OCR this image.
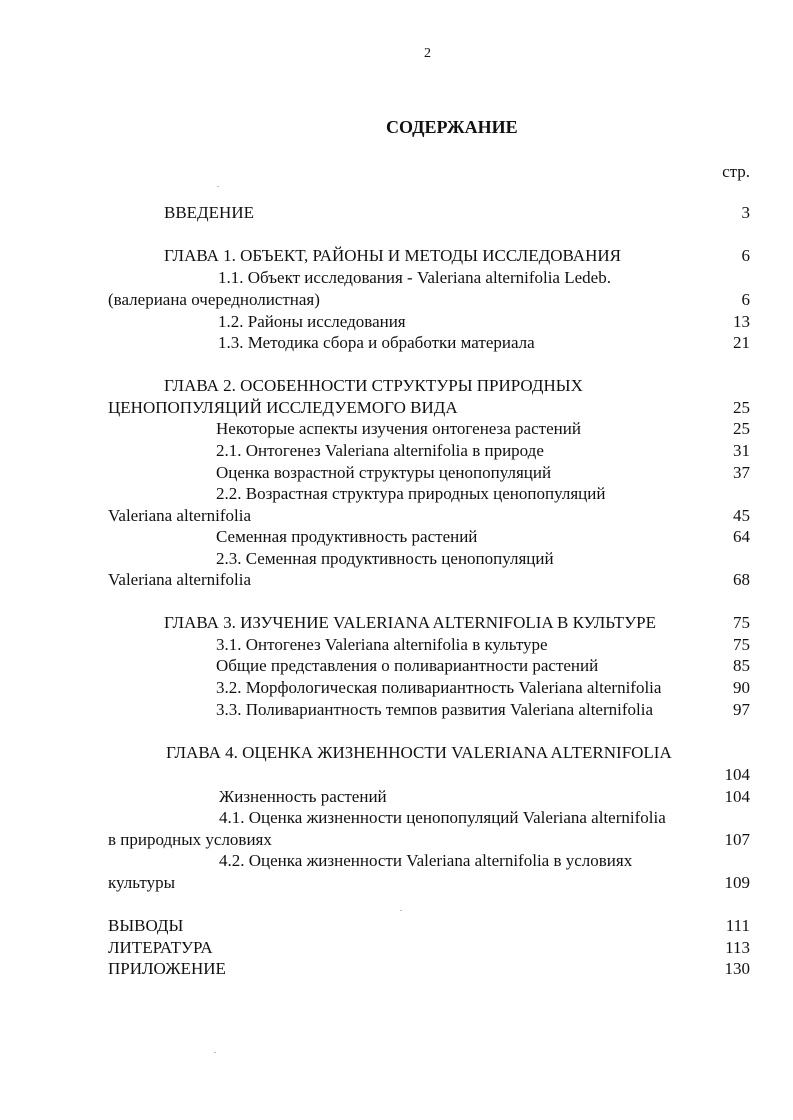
2
СОДЕРЖАНИЕ
стр.
ВВЕДЕНИЕ	3
ГЛАВА 1. ОБЪЕКТ, РАЙОНЫ И МЕТОДЫ ИССЛЕДОВАНИЯ	6
1.1. Объект исследования - Valeriana alternifolia Ledeb.
(валериана очереднолистная)	6
1.2. Районы исследования	13
1.3. Методика сбора и обработки материала	21
ГЛАВА 2. ОСОБЕННОСТИ СТРУКТУРЫ ПРИРОДНЫХ
ЦЕНОПОПУЛЯЦИЙ ИССЛЕДУЕМОГО ВИДА	25
Некоторые аспекты изучения онтогенеза растений	25
2.1. Онтогенез Valeriana alternifolia в природе	31
Оценка возрастной структуры ценопопуляций	37
2.2. Возрастная структура природных ценопопуляций
Valeriana alternifolia	45
Семенная продуктивность растений	64
2.3. Семенная продуктивность ценопопуляций
Valeriana alternifolia	68
ГЛАВА 3. ИЗУЧЕНИЕ VALERIANA ALTERNIFOLIA В КУЛЬТУРЕ	75
3.1. Онтогенез Valeriana alternifolia в культуре	75
Общие представления о поливариантности растений	85
3.2. Морфологическая поливариантность Valeriana alternifolia	90
3.3. Поливариантность темпов развития Valeriana alternifolia	97
ГЛАВА 4. ОЦЕНКА ЖИЗНЕННОСТИ VALERIANA ALTERNIFOLIA
104
Жизненность растений	104
4.1. Оценка жизненности ценопопуляций Valeriana alternifolia
в природных условиях	107
4.2. Оценка жизненности Valeriana alternifolia в условиях
культуры	109
ВЫВОДЫ	111
ЛИТЕРАТУРА	113
ПРИЛОЖЕНИЕ	130
